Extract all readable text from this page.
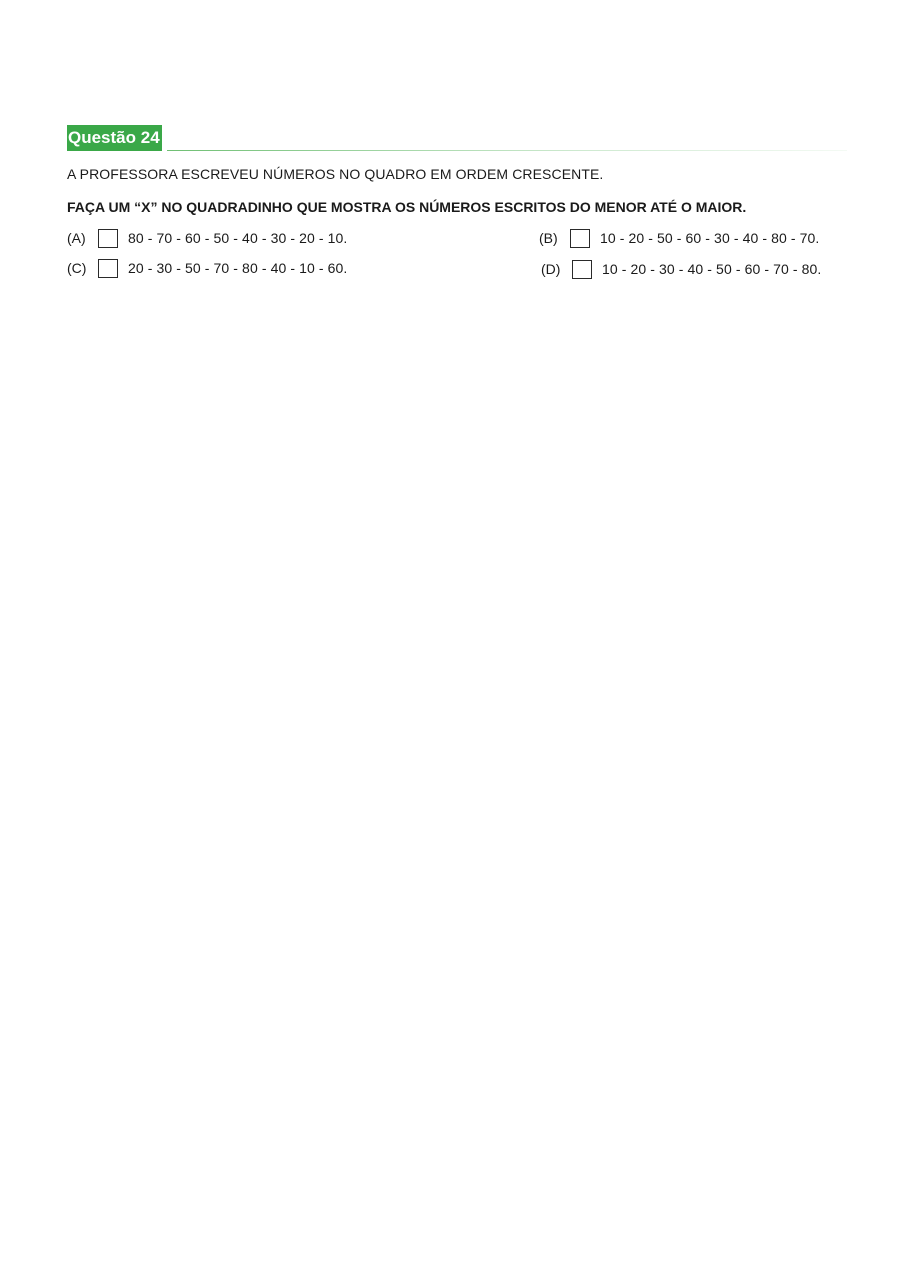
Questão 24

A PROFESSORA ESCREVEU NÚMEROS NO QUADRO EM ORDEM CRESCENTE.

FAÇA UM “X” NO QUADRADINHO QUE MOSTRA OS NÚMEROS ESCRITOS DO MENOR ATÉ O MAIOR.

(A)	80 - 70 - 60 - 50 - 40 - 30 - 20 - 10.	(B)	10 - 20 - 50 - 60 - 30 - 40 - 80 - 70.
(C)	20 - 30 - 50 - 70 - 80 - 40 - 10 - 60.	(D)	10 - 20 - 30 - 40 - 50 - 60 - 70 - 80.
